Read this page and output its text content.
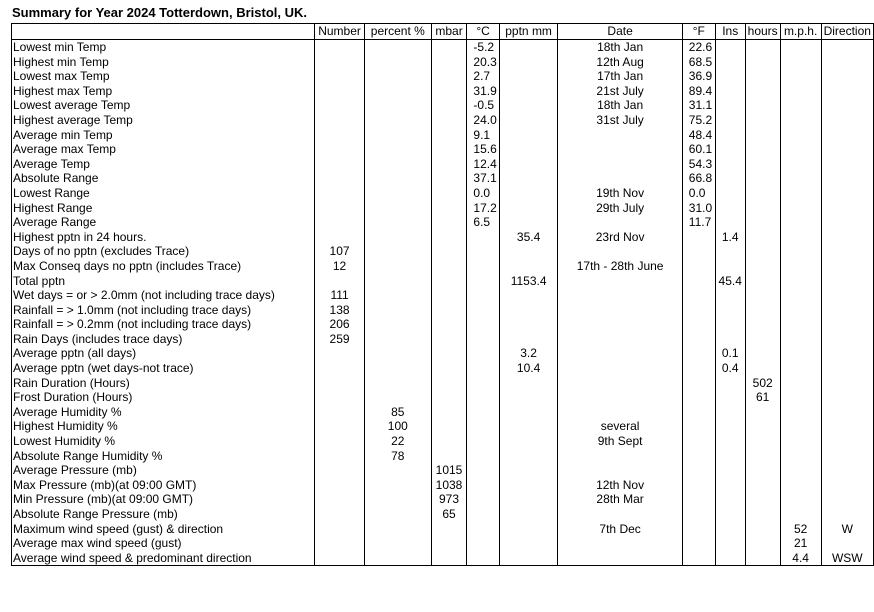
Summary for Year 2024 Totterdown, Bristol, UK.
	Number	percent %	mbar	°C	pptn mm	Date	°F	Ins	hours	m.p.h.	Direction
Lowest min Temp				-5.2		18th Jan	22.6				
Highest min Temp				20.3		12th Aug	68.5				
Lowest max Temp				2.7		17th Jan	36.9				
Highest max Temp				31.9		21st July	89.4				
Lowest average Temp				-0.5		18th Jan	31.1				
Highest average Temp				24.0		31st July	75.2				
Average min Temp				9.1			48.4				
Average max Temp				15.6			60.1				
Average Temp				12.4			54.3				
Absolute Range				37.1			66.8				
Lowest Range				0.0		19th Nov	0.0				
Highest Range				17.2		29th July	31.0				
Average Range				6.5			11.7				
Highest pptn in 24 hours.					35.4	23rd Nov		1.4			
Days of no pptn (excludes Trace)	107										
Max Conseq days no pptn (includes Trace)	12					17th - 28th June					
Total pptn					1153.4			45.4			
Wet days = or > 2.0mm (not including trace days)	111										
Rainfall = > 1.0mm (not including trace days)	138										
Rainfall = > 0.2mm (not including trace days)	206										
Rain Days (includes trace days)	259										
Average pptn (all days)					3.2			0.1			
Average pptn (wet days-not trace)					10.4			0.4			
Rain Duration (Hours)									502		
Frost Duration (Hours)									61		
Average Humidity %		85									
Highest Humidity %		100				several					
Lowest Humidity %		22				9th Sept					
Absolute Range Humidity %		78									
Average Pressure (mb)			1015								
Max Pressure (mb)(at 09:00 GMT)			1038			12th Nov					
Min Pressure (mb)(at 09:00 GMT)			973			28th Mar					
Absolute Range Pressure (mb)			65								
Maximum wind speed (gust) & direction						7th Dec				52	W
Average max wind speed (gust)										21	
Average wind speed & predominant direction										4.4	WSW
